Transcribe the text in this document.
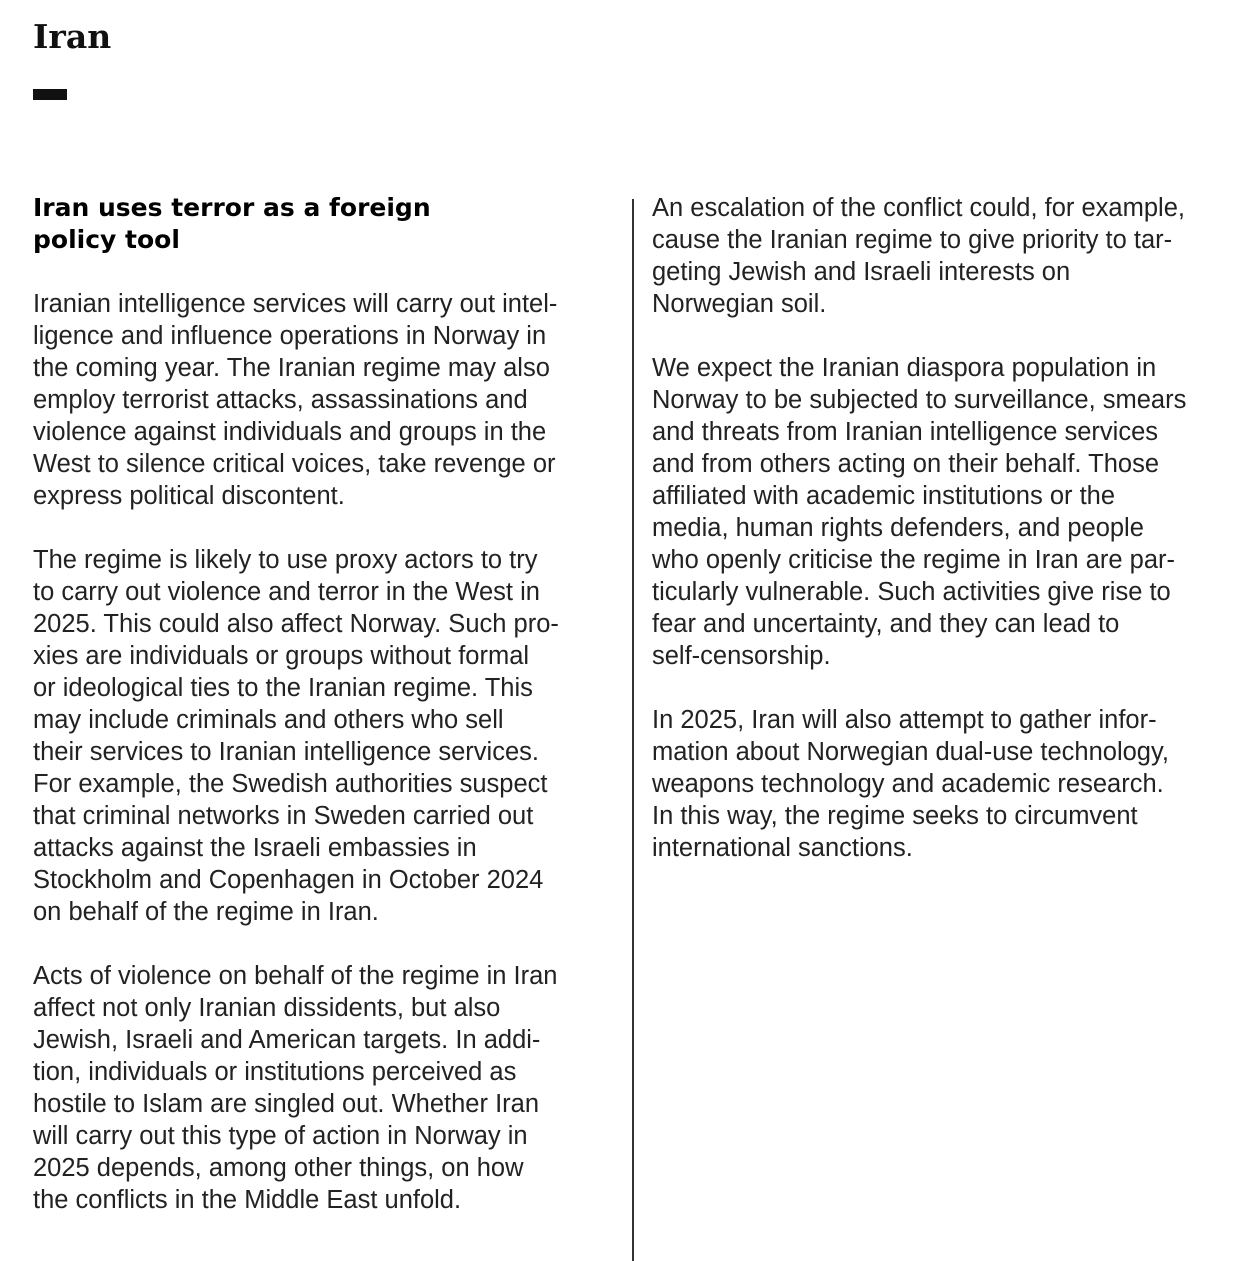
Iran
Iran uses terror as a foreign
policy tool

Iranian intelligence services will carry out intel-
ligence and influence operations in Norway in
the coming year. The Iranian regime may also
employ terrorist attacks, assassinations and
violence against individuals and groups in the
West to silence critical voices, take revenge or
express political discontent.

The regime is likely to use proxy actors to try
to carry out violence and terror in the West in
2025. This could also affect Norway. Such pro-
xies are individuals or groups without formal
or ideological ties to the Iranian regime. This
may include criminals and others who sell
their services to Iranian intelligence services.
For example, the Swedish authorities suspect
that criminal networks in Sweden carried out
attacks against the Israeli embassies in
Stockholm and Copenhagen in October 2024
on behalf of the regime in Iran.

Acts of violence on behalf of the regime in Iran
affect not only Iranian dissidents, but also
Jewish, Israeli and American targets. In addi-
tion, individuals or institutions perceived as
hostile to Islam are singled out. Whether Iran
will carry out this type of action in Norway in
2025 depends, among other things, on how
the conflicts in the Middle East unfold.

An escalation of the conflict could, for example,
cause the Iranian regime to give priority to tar-
geting Jewish and Israeli interests on
Norwegian soil.

We expect the Iranian diaspora population in
Norway to be subjected to surveillance, smears
and threats from Iranian intelligence services
and from others acting on their behalf. Those
affiliated with academic institutions or the
media, human rights defenders, and people
who openly criticise the regime in Iran are par-
ticularly vulnerable. Such activities give rise to
fear and uncertainty, and they can lead to
self-censorship.

In 2025, Iran will also attempt to gather infor-
mation about Norwegian dual-use technology,
weapons technology and academic research.
In this way, the regime seeks to circumvent
international sanctions.
